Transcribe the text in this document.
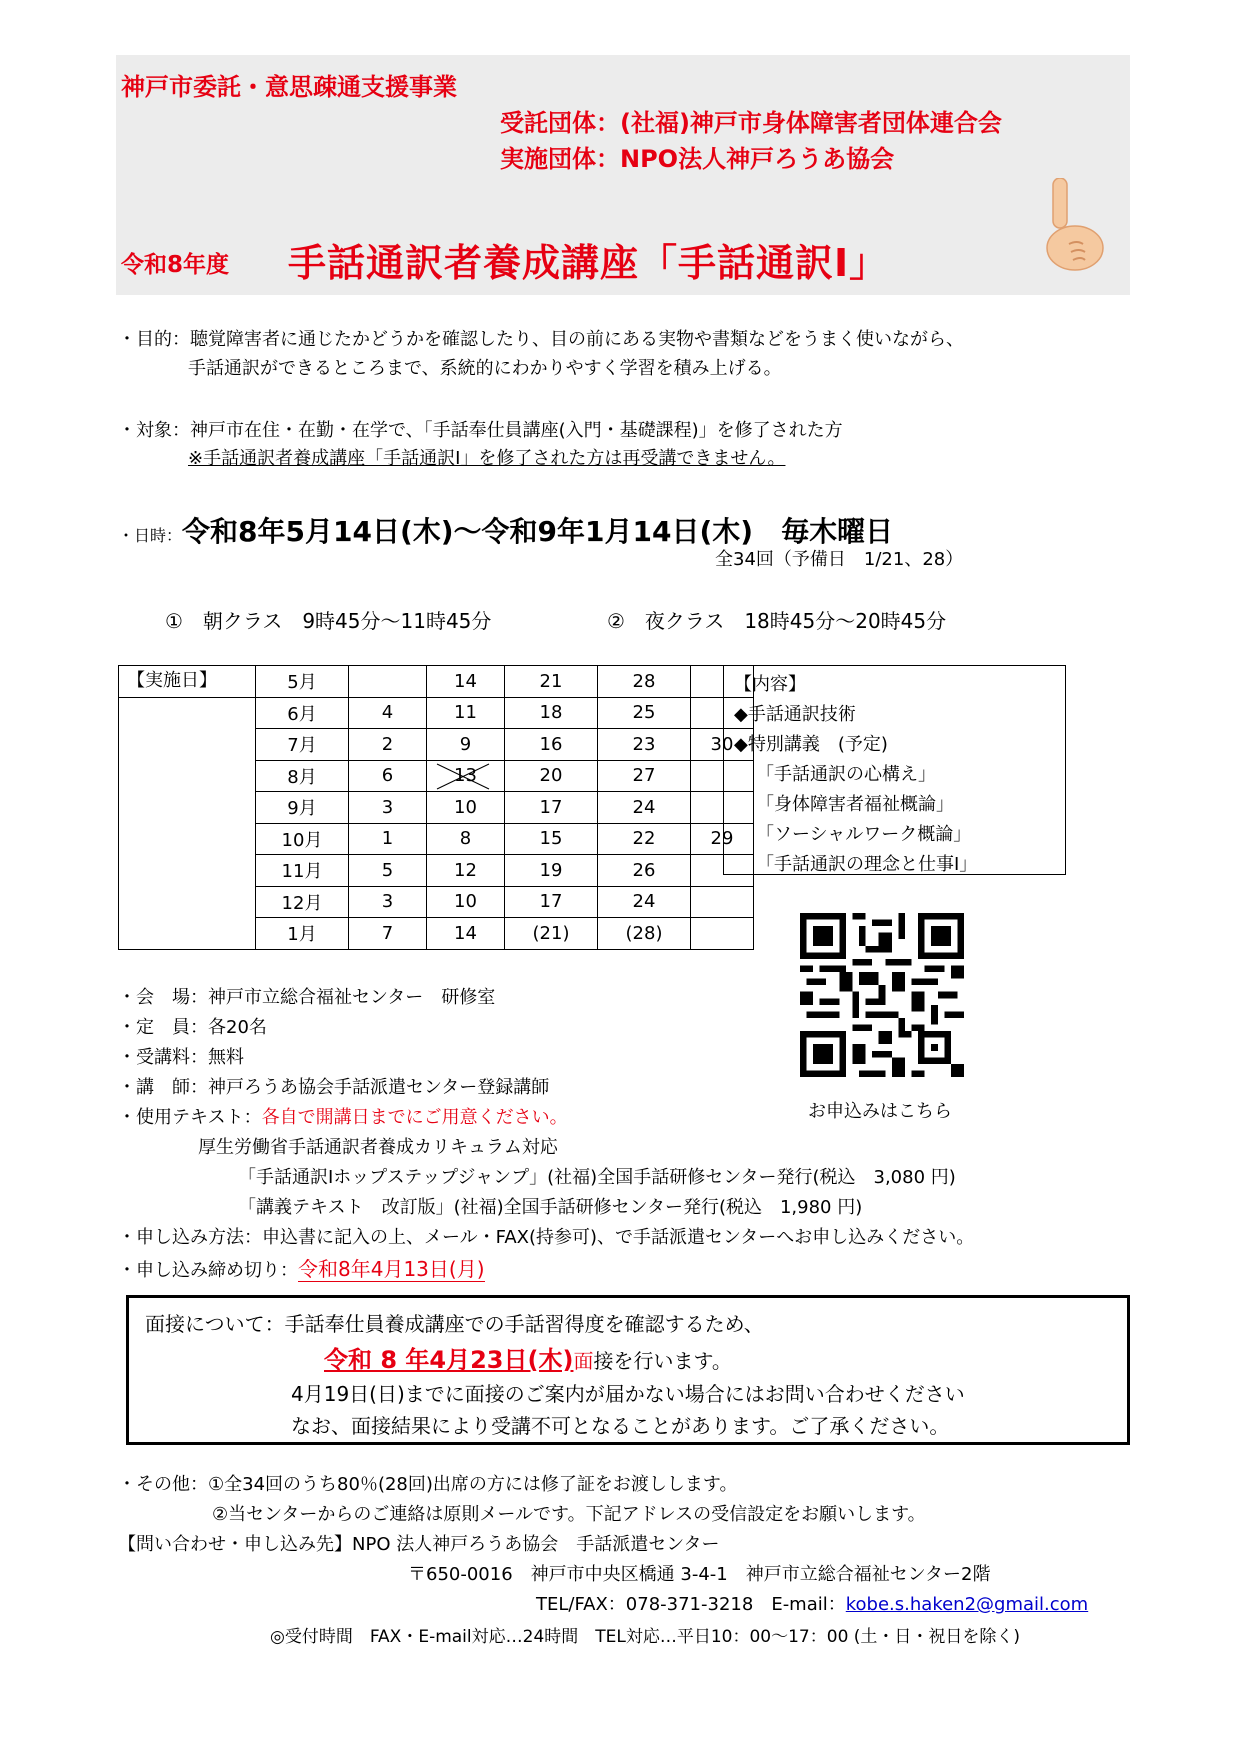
神戸市委託・意思疎通支援事業
受託団体：(社福)神戸市身体障害者団体連合会
実施団体：NPO法人神戸ろうあ協会
令和8年度 手話通訳者養成講座「手話通訳Ⅰ」
・目的：聴覚障害者に通じたかどうかを確認したり、目の前にある実物や書類などをうまく使いながら、
手話通訳ができるところまで、系統的にわかりやすく学習を積み上げる。
・対象：神戸市在住・在勤・在学で、「手話奉仕員講座(入門・基礎課程)」を修了された方
※手話通訳者養成講座「手話通訳Ⅰ」を修了された方は再受講できません。
・日時：令和8年5月14日(木)～令和9年1月14日(木)　毎木曜日
全34回（予備日　1/21、28）
①　朝クラス　9時45分～11時45分	②　夜クラス　18時45分～20時45分
【実施日】	5月		14	21	28	
	6月	4	11	18	25	
	7月	2	9	16	23	30
	8月	6	13	20	27	
	9月	3	10	17	24	
	10月	1	8	15	22	29
	11月	5	12	19	26	
	12月	3	10	17	24	
	1月	7	14	(21)	(28)	
【内容】
◆手話通訳技術
◆特別講義　(予定)
「手話通訳の心構え」
「身体障害者福祉概論」
「ソーシャルワーク概論」
「手話通訳の理念と仕事Ⅰ」
お申込みはこちら
・会　場：神戸市立総合福祉センター　研修室
・定　員：各20名
・受講料：無料
・講　師：神戸ろうあ協会手話派遣センター登録講師
・使用テキスト：各自で開講日までにご用意ください。
厚生労働省手話通訳者養成カリキュラム対応
「手話通訳Ⅰホップステップジャンプ」(社福)全国手話研修センター発行(税込　3,080 円)
「講義テキスト　改訂版」(社福)全国手話研修センター発行(税込　1,980 円)
・申し込み方法：申込書に記入の上、メール・FAX(持参可)、で手話派遣センターへお申し込みください。
・申し込み締め切り：令和8年4月13日(月)
面接について：手話奉仕員養成講座での手話習得度を確認するため、
令和 8 年4月23日(木)面接を行います。
4月19日(日)までに面接のご案内が届かない場合にはお問い合わせください
なお、面接結果により受講不可となることがあります。ご了承ください。
・その他：①全34回のうち80％(28回)出席の方には修了証をお渡しします。
②当センターからのご連絡は原則メールです。下記アドレスの受信設定をお願いします。
【問い合わせ・申し込み先】NPO 法人神戸ろうあ協会　手話派遣センター
〒650-0016　神戸市中央区橋通 3-4-1　神戸市立総合福祉センター2階
TEL/FAX：078-371-3218　E-mail：kobe.s.haken2@gmail.com
◎受付時間　FAX・E-mail対応…24時間　TEL対応…平日10：00～17：00 (土・日・祝日を除く)
